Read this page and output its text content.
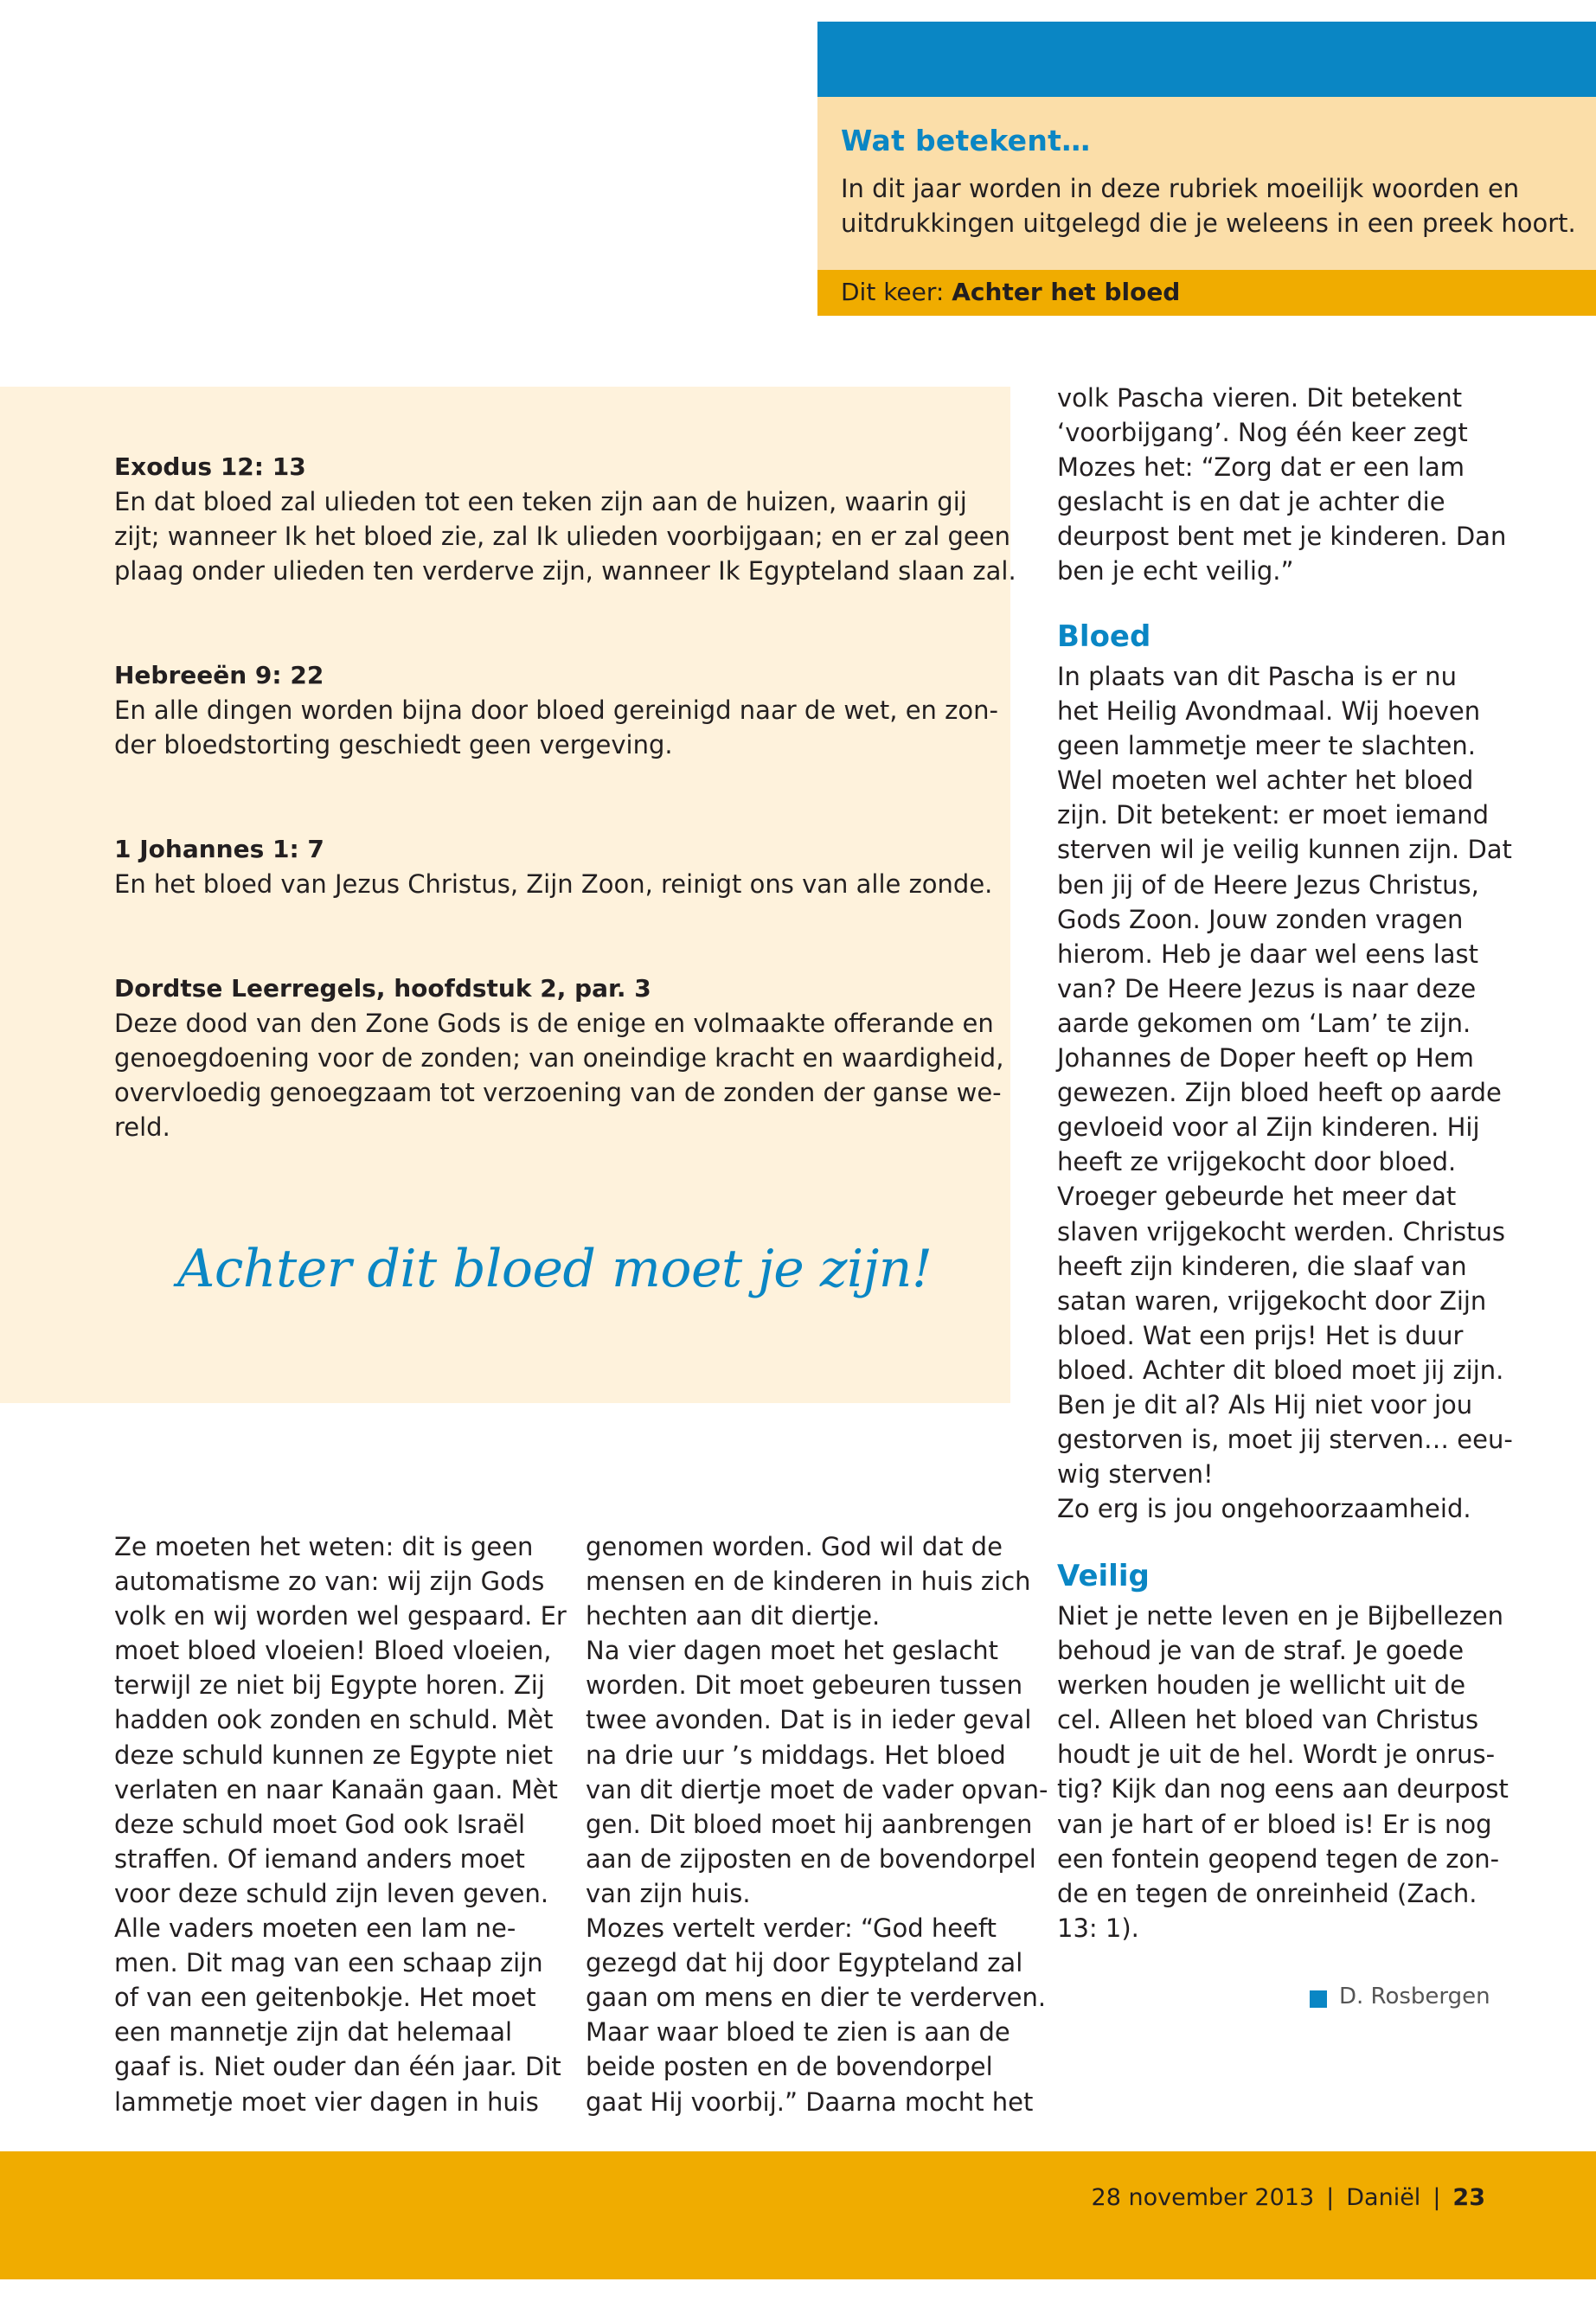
Wat betekent…
In dit jaar worden in deze rubriek moeilijk woorden en
uitdrukkingen uitgelegd die je weleens in een preek hoort.
Dit keer: Achter het bloed
Exodus 12: 13
En dat bloed zal ulieden tot een teken zijn aan de huizen, waarin gij
zijt; wanneer Ik het bloed zie, zal Ik ulieden voorbijgaan; en er zal geen
plaag onder ulieden ten verderve zijn, wanneer Ik Egypteland slaan zal.
Hebreeën 9: 22
En alle dingen worden bijna door bloed gereinigd naar de wet, en zon-
der bloedstorting geschiedt geen vergeving.
1 Johannes 1: 7
En het bloed van Jezus Christus, Zijn Zoon, reinigt ons van alle zonde.
Dordtse Leerregels, hoofdstuk 2, par. 3
Deze dood van den Zone Gods is de enige en volmaakte offerande en
genoegdoening voor de zonden; van oneindige kracht en waardigheid,
overvloedig genoegzaam tot verzoening van de zonden der ganse we-
reld.
Achter dit bloed moet je zijn!
Ze moeten het weten: dit is geen
automatisme zo van: wij zijn Gods
volk en wij worden wel gespaard. Er
moet bloed vloeien! Bloed vloeien,
terwijl ze niet bij Egypte horen. Zij
hadden ook zonden en schuld. Mèt
deze schuld kunnen ze Egypte niet
verlaten en naar Kanaän gaan. Mèt
deze schuld moet God ook Israël
straffen. Of iemand anders moet
voor deze schuld zijn leven geven.
Alle vaders moeten een lam ne-
men. Dit mag van een schaap zijn
of van een geitenbokje. Het moet
een mannetje zijn dat helemaal
gaaf is. Niet ouder dan één jaar. Dit
lammetje moet vier dagen in huis
genomen worden. God wil dat de
mensen en de kinderen in huis zich
hechten aan dit diertje.
Na vier dagen moet het geslacht
worden. Dit moet gebeuren tussen
twee avonden. Dat is in ieder geval
na drie uur ’s middags. Het bloed
van dit diertje moet de vader opvan-
gen. Dit bloed moet hij aanbrengen
aan de zijposten en de bovendorpel
van zijn huis.
Mozes vertelt verder: “God heeft
gezegd dat hij door Egypteland zal
gaan om mens en dier te verderven.
Maar waar bloed te zien is aan de
beide posten en de bovendorpel
gaat Hij voorbij.” Daarna mocht het
volk Pascha vieren. Dit betekent
‘voorbijgang’. Nog één keer zegt
Mozes het: “Zorg dat er een lam
geslacht is en dat je achter die
deurpost bent met je kinderen. Dan
ben je echt veilig.”
Bloed
In plaats van dit Pascha is er nu
het Heilig Avondmaal. Wij hoeven
geen lammetje meer te slachten.
Wel moeten wel achter het bloed
zijn. Dit betekent: er moet iemand
sterven wil je veilig kunnen zijn. Dat
ben jij of de Heere Jezus Christus,
Gods Zoon. Jouw zonden vragen
hierom. Heb je daar wel eens last
van? De Heere Jezus is naar deze
aarde gekomen om ‘Lam’ te zijn.
Johannes de Doper heeft op Hem
gewezen. Zijn bloed heeft op aarde
gevloeid voor al Zijn kinderen. Hij
heeft ze vrijgekocht door bloed.
Vroeger gebeurde het meer dat
slaven vrijgekocht werden. Christus
heeft zijn kinderen, die slaaf van
satan waren, vrijgekocht door Zijn
bloed. Wat een prijs! Het is duur
bloed. Achter dit bloed moet jij zijn.
Ben je dit al? Als Hij niet voor jou
gestorven is, moet jij sterven… eeu-
wig sterven!
Zo erg is jou ongehoorzaamheid.
Veilig
Niet je nette leven en je Bijbellezen
behoud je van de straf. Je goede
werken houden je wellicht uit de
cel. Alleen het bloed van Christus
houdt je uit de hel. Wordt je onrus-
tig? Kijk dan nog eens aan deurpost
van je hart of er bloed is! Er is nog
een fontein geopend tegen de zon-
de en tegen de onreinheid (Zach.
13: 1).
D. Rosbergen
28 november 2013 | Daniël | 23
